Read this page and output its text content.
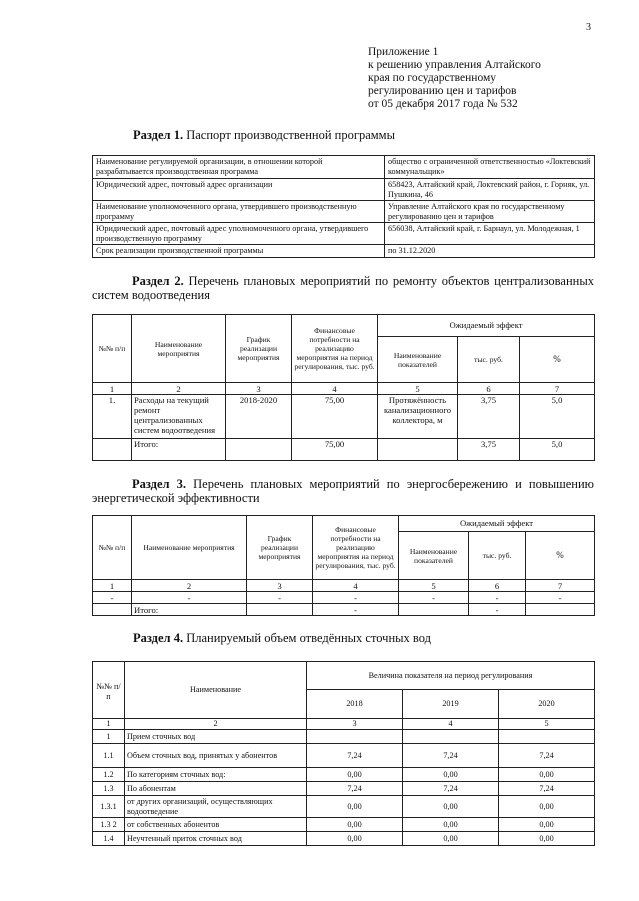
3
Приложение 1
к решению управления Алтайского
края по государственному
регулированию цен и тарифов
от 05 декабря 2017 года № 532
Раздел 1. Паспорт производственной программы
Наименование регулируемой организации, в отношении которой разрабатывается производственная программа	общество с ограниченной ответственностью «Локтевский коммунальщик»
Юридический адрес, почтовый адрес организации	658423, Алтайский край, Локтевский район, г. Горняк, ул. Пушкина, 46
Наименование уполномоченного органа, утвердившего производственную программу	Управление Алтайского края по государственному регулированию цен и тарифов
Юридический адрес, почтовый адрес уполномоченного органа, утвердившего производственную программу	656038, Алтайский край, г. Барнаул, ул. Молодежная, 1
Срок реализации производственной программы	по 31.12.2020
Раздел 2. Перечень плановых мероприятий по ремонту объектов централизованных систем водоотведения
№№ п/п	Наименование мероприятия	График реализации мероприятия	Финансовые потребности на реализацию мероприятия на период регулирования, тыс. руб.	Ожидаемый эффект		
				Наименование показателей	тыс. руб.	%
1	2	3	4	5	6	7
1.	Расходы на текущий ремонт централизованных систем водоотведения	2018-2020	75,00	Протяжённость канализационного коллектора, м	3,75	5,0
	Итого:		75,00		3,75	5,0
Раздел 3. Перечень плановых мероприятий по энергосбережению и повышению энергетической эффективности
№№ п/п	Наименование мероприятия	График реализации мероприятия	Финансовые потребности на реализацию мероприятия на период регулирования, тыс. руб.	Ожидаемый эффект		
				Наименование показателей	тыс. руб.	%
1	2	3	4	5	6	7
-	-	-	-	-	-	-
	Итого:		-		-	
Раздел 4. Планируемый объем отведённых сточных вод
№№ п/п	Наименование	Величина показателя на период регулирования		
		2018	2019	2020
1	2	3	4	5
1	Прием сточных вод			
1.1	Объем сточных вод, принятых у абонентов	7,24	7,24	7,24
1.2	По категориям сточных вод:	0,00	0,00	0,00
1.3	По абонентам	7,24	7,24	7,24
1.3.1	от других организаций, осуществляющих водоотведение	0,00	0,00	0,00
1.3 2	от собственных абонентов	0,00	0,00	0,00
1.4	Неучтенный приток сточных вод	0,00	0,00	0,00
